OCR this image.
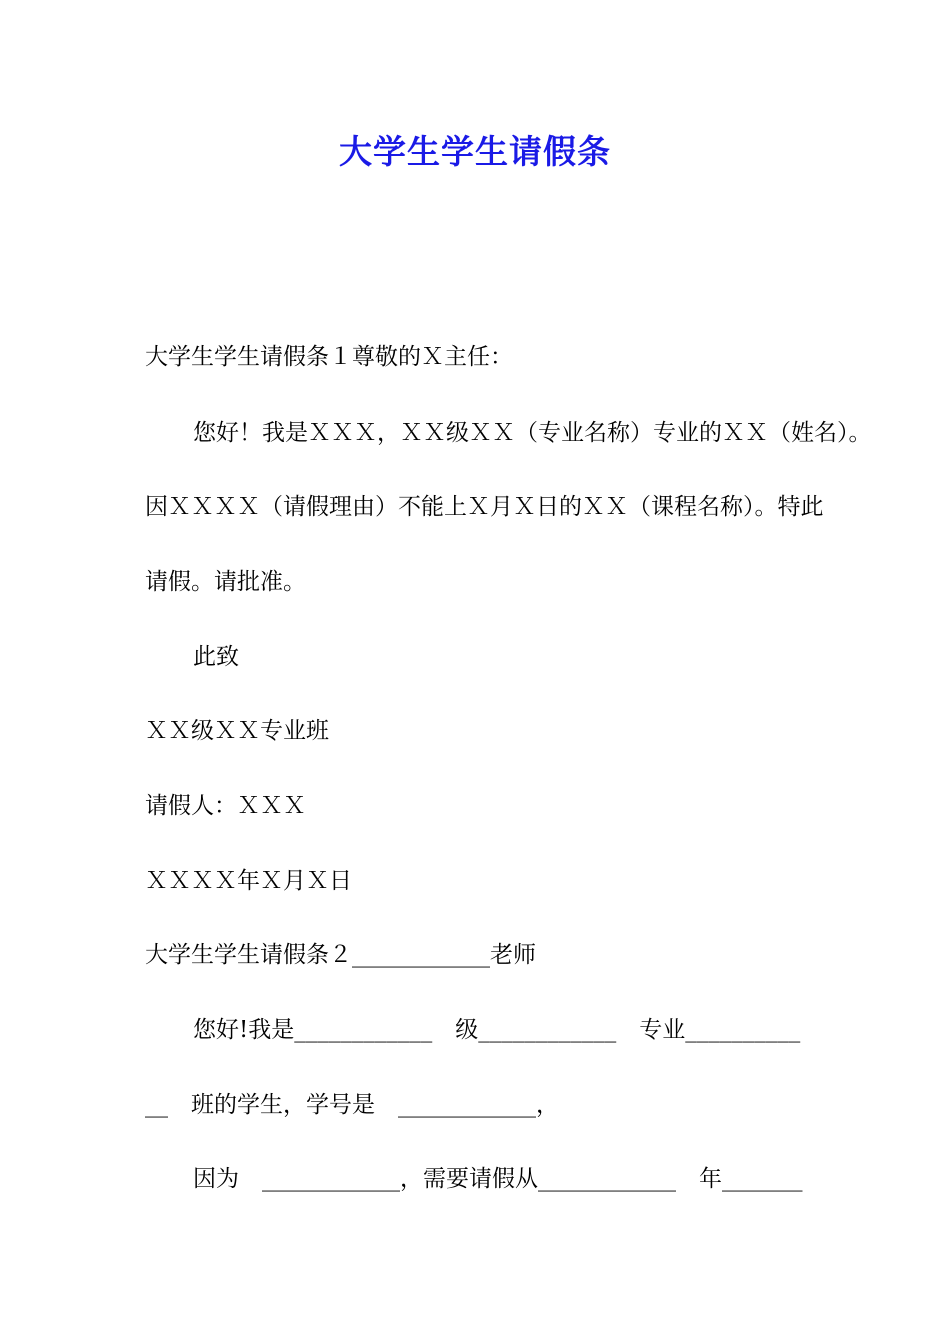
大学生学生请假条
大学生学生请假条１尊敬的Ｘ主任：
您好！我是ＸＸＸ，ＸＸ级ＸＸ（专业名称）专业的ＸＸ（姓名）。
因ＸＸＸＸ（请假理由）不能上Ｘ月Ｘ日的ＸＸ（课程名称）。特此
请假。请批准。
此致
ＸＸ级ＸＸ专业班
请假人：ＸＸＸ
ＸＸＸＸ年Ｘ月Ｘ日
大学生学生请假条２____________老师
您好!我是____________　级____________　专业__________
__　班的学生，学号是　____________，
因为　____________，需要请假从____________　年_______
